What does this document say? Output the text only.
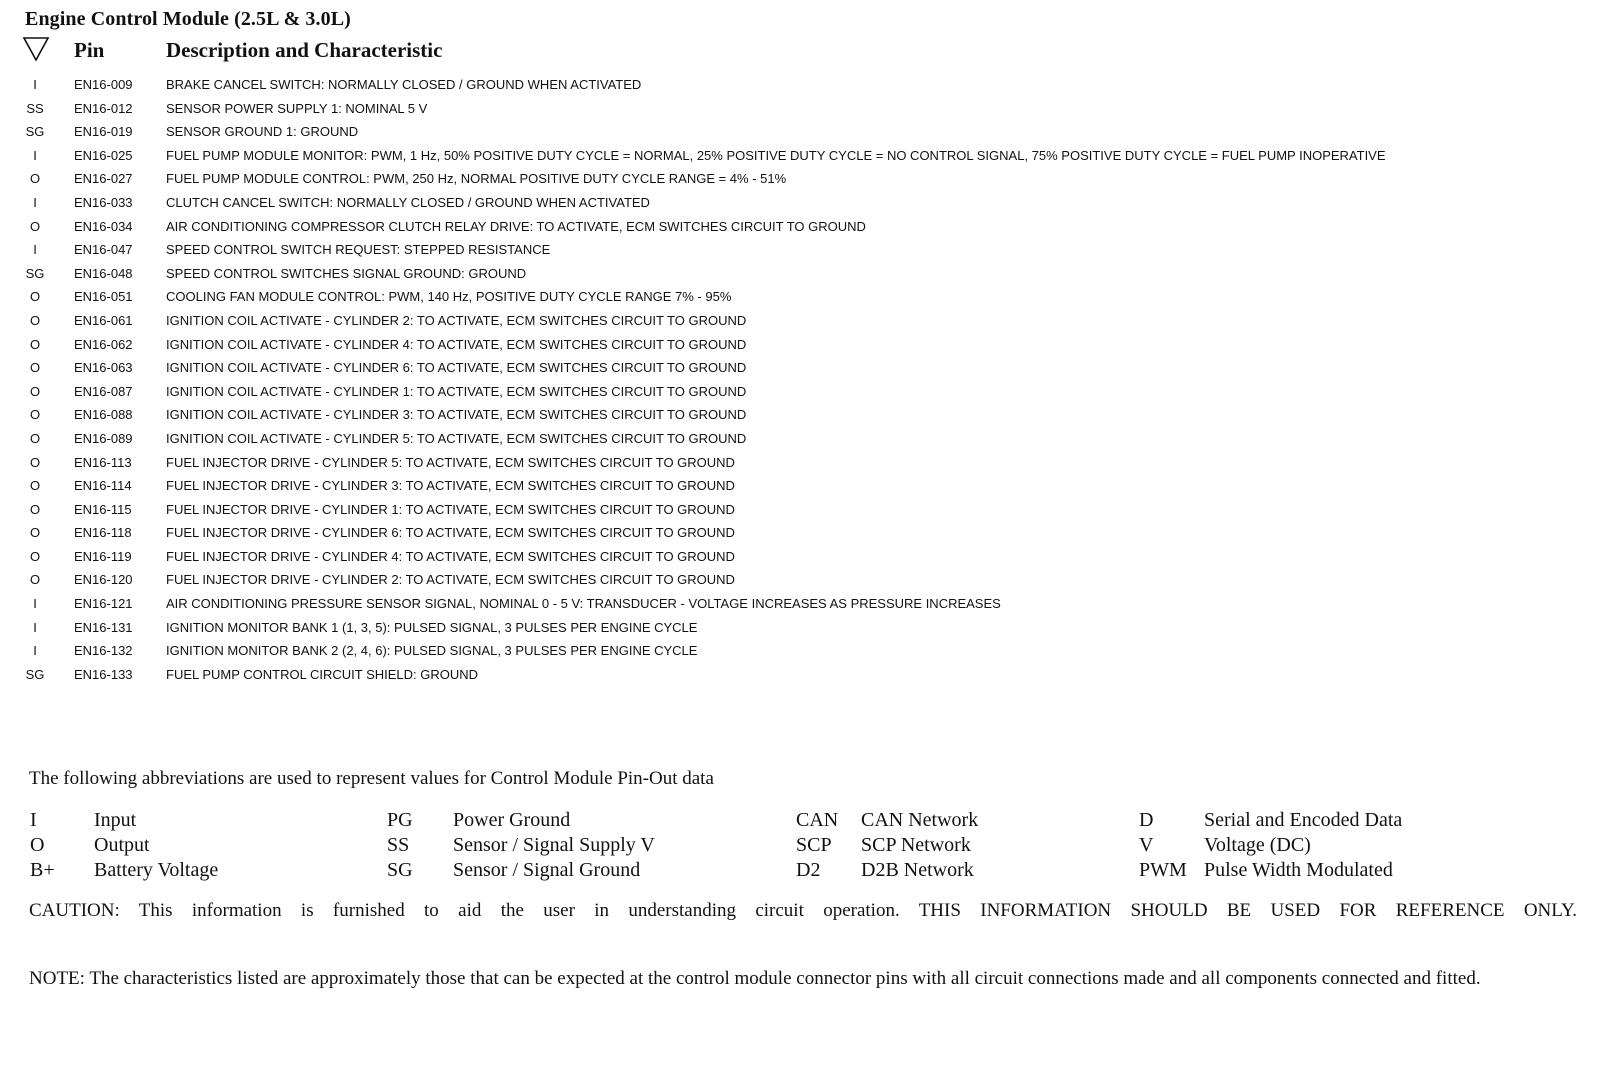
Engine Control Module (2.5L & 3.0L)
Pin	Description and Characteristic
I	EN16-009	BRAKE CANCEL SWITCH: NORMALLY CLOSED / GROUND WHEN ACTIVATED
SS	EN16-012	SENSOR POWER SUPPLY 1: NOMINAL 5 V
SG	EN16-019	SENSOR GROUND 1: GROUND
I	EN16-025	FUEL PUMP MODULE MONITOR: PWM, 1 Hz, 50% POSITIVE DUTY CYCLE = NORMAL, 25% POSITIVE DUTY CYCLE = NO CONTROL SIGNAL, 75% POSITIVE DUTY CYCLE = FUEL PUMP INOPERATIVE
O	EN16-027	FUEL PUMP MODULE CONTROL: PWM, 250 Hz, NORMAL POSITIVE DUTY CYCLE RANGE = 4% - 51%
I	EN16-033	CLUTCH CANCEL SWITCH: NORMALLY CLOSED / GROUND WHEN ACTIVATED
O	EN16-034	AIR CONDITIONING COMPRESSOR CLUTCH RELAY DRIVE: TO ACTIVATE, ECM SWITCHES CIRCUIT TO GROUND
I	EN16-047	SPEED CONTROL SWITCH REQUEST: STEPPED RESISTANCE
SG	EN16-048	SPEED CONTROL SWITCHES SIGNAL GROUND: GROUND
O	EN16-051	COOLING FAN MODULE CONTROL: PWM, 140 Hz, POSITIVE DUTY CYCLE RANGE 7% - 95%
O	EN16-061	IGNITION COIL ACTIVATE - CYLINDER 2: TO ACTIVATE, ECM SWITCHES CIRCUIT TO GROUND
O	EN16-062	IGNITION COIL ACTIVATE - CYLINDER 4: TO ACTIVATE, ECM SWITCHES CIRCUIT TO GROUND
O	EN16-063	IGNITION COIL ACTIVATE - CYLINDER 6: TO ACTIVATE, ECM SWITCHES CIRCUIT TO GROUND
O	EN16-087	IGNITION COIL ACTIVATE - CYLINDER 1: TO ACTIVATE, ECM SWITCHES CIRCUIT TO GROUND
O	EN16-088	IGNITION COIL ACTIVATE - CYLINDER 3: TO ACTIVATE, ECM SWITCHES CIRCUIT TO GROUND
O	EN16-089	IGNITION COIL ACTIVATE - CYLINDER 5: TO ACTIVATE, ECM SWITCHES CIRCUIT TO GROUND
O	EN16-113	FUEL INJECTOR DRIVE - CYLINDER 5: TO ACTIVATE, ECM SWITCHES CIRCUIT TO GROUND
O	EN16-114	FUEL INJECTOR DRIVE - CYLINDER 3: TO ACTIVATE, ECM SWITCHES CIRCUIT TO GROUND
O	EN16-115	FUEL INJECTOR DRIVE - CYLINDER 1: TO ACTIVATE, ECM SWITCHES CIRCUIT TO GROUND
O	EN16-118	FUEL INJECTOR DRIVE - CYLINDER 6: TO ACTIVATE, ECM SWITCHES CIRCUIT TO GROUND
O	EN16-119	FUEL INJECTOR DRIVE - CYLINDER 4: TO ACTIVATE, ECM SWITCHES CIRCUIT TO GROUND
O	EN16-120	FUEL INJECTOR DRIVE - CYLINDER 2: TO ACTIVATE, ECM SWITCHES CIRCUIT TO GROUND
I	EN16-121	AIR CONDITIONING PRESSURE SENSOR SIGNAL, NOMINAL 0 - 5 V: TRANSDUCER - VOLTAGE INCREASES AS PRESSURE INCREASES
I	EN16-131	IGNITION MONITOR BANK 1 (1, 3, 5): PULSED SIGNAL, 3 PULSES PER ENGINE CYCLE
I	EN16-132	IGNITION MONITOR BANK 2 (2, 4, 6): PULSED SIGNAL, 3 PULSES PER ENGINE CYCLE
SG	EN16-133	FUEL PUMP CONTROL CIRCUIT SHIELD: GROUND
The following abbreviations are used to represent values for Control Module Pin-Out data
I	Input	PG Power Ground	CAN CAN Network	D	Serial and Encoded Data
O Output	SS Sensor / Signal Supply V	SCP SCP Network	V	Voltage (DC)
B+ Battery Voltage	SG Sensor / Signal Ground	D2 D2B Network	PWM Pulse Width Modulated
CAUTION: This information is furnished to aid the user in understanding circuit operation. THIS INFORMATION SHOULD BE USED FOR REFERENCE ONLY.
NOTE: The characteristics listed are approximately those that can be expected at the control module connector pins with all circuit connections made and all components connected and fitted.
